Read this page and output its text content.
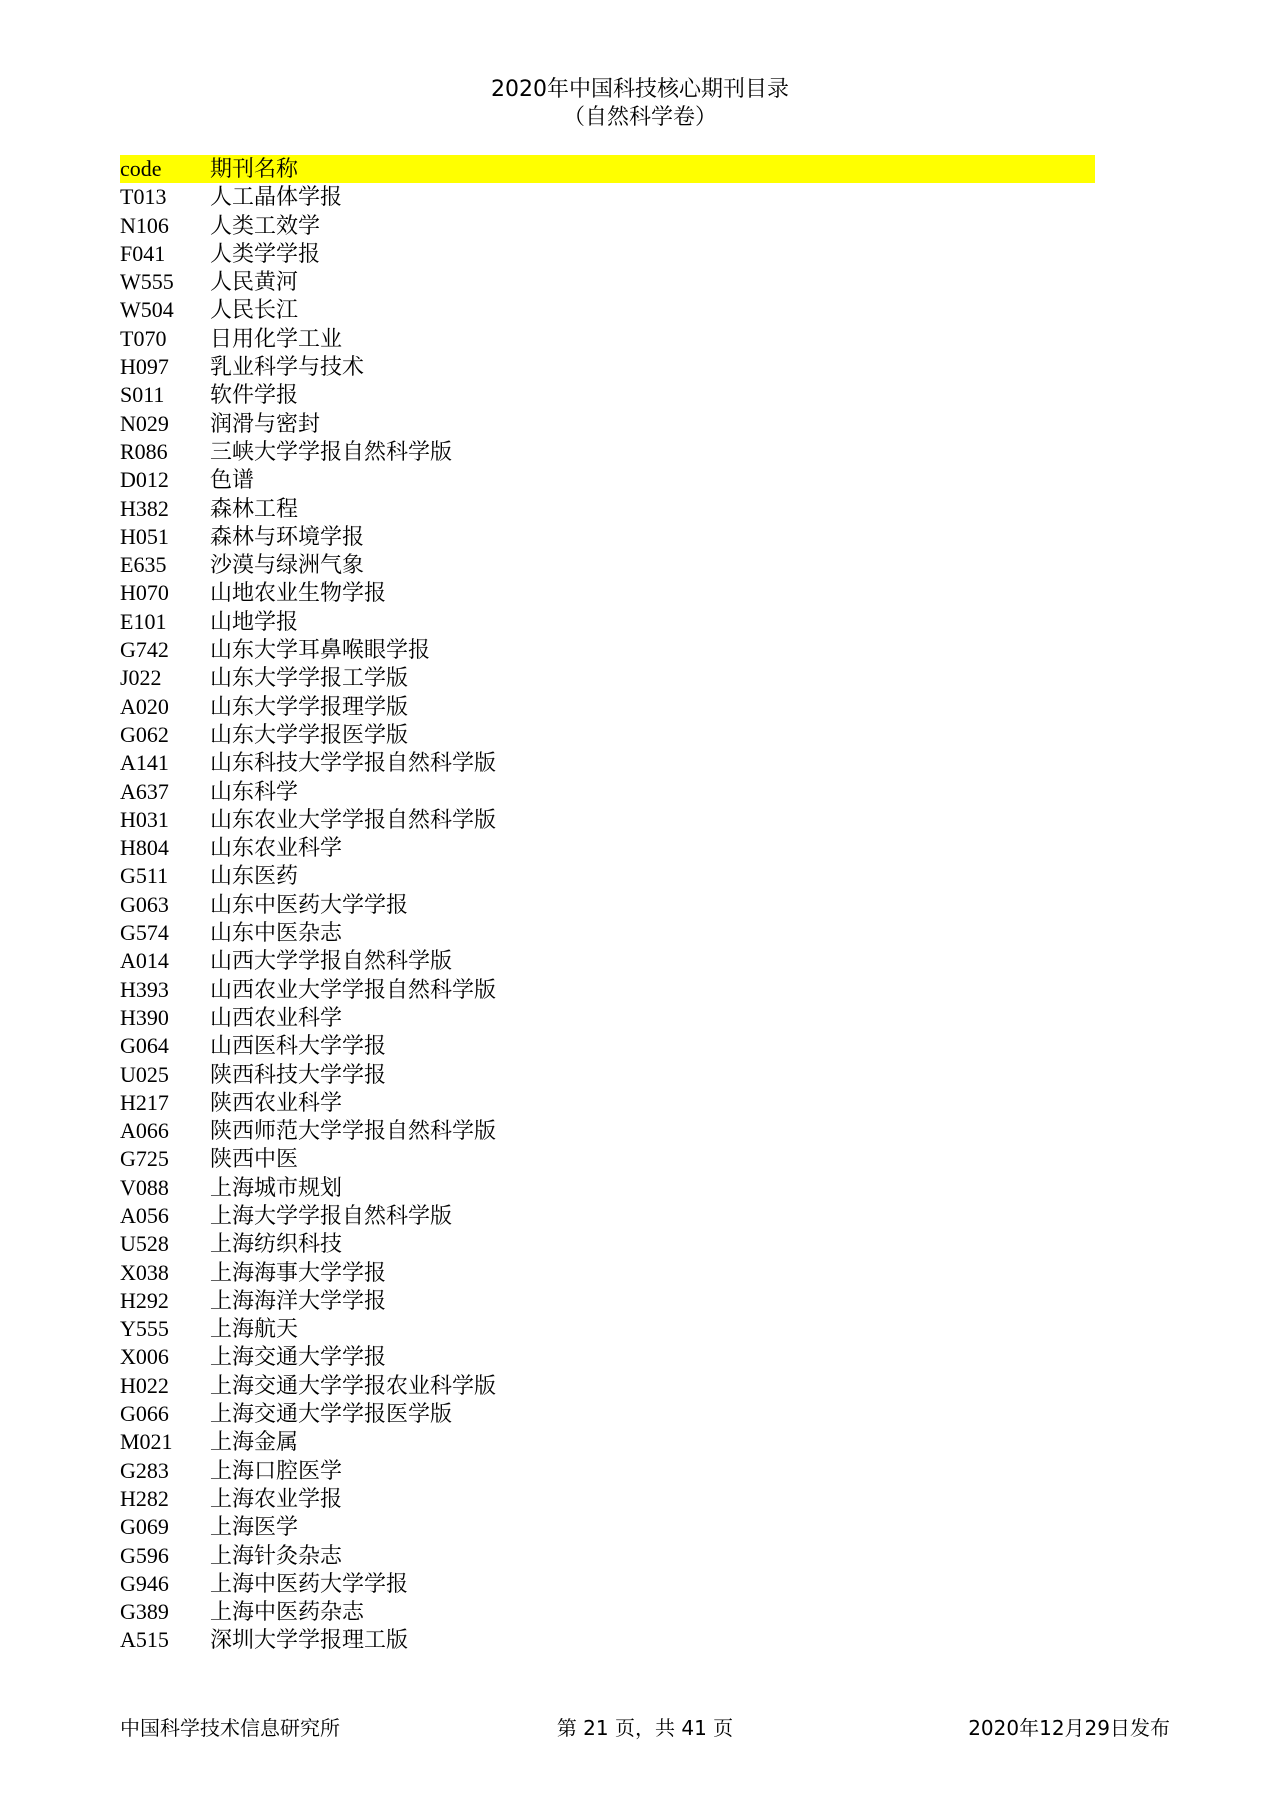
2020年中国科技核心期刊目录
（自然科学卷）
code	期刊名称
T013	人工晶体学报
N106	人类工效学
F041	人类学学报
W555	人民黄河
W504	人民长江
T070	日用化学工业
H097	乳业科学与技术
S011	软件学报
N029	润滑与密封
R086	三峡大学学报自然科学版
D012	色谱
H382	森林工程
H051	森林与环境学报
E635	沙漠与绿洲气象
H070	山地农业生物学报
E101	山地学报
G742	山东大学耳鼻喉眼学报
J022	山东大学学报工学版
A020	山东大学学报理学版
G062	山东大学学报医学版
A141	山东科技大学学报自然科学版
A637	山东科学
H031	山东农业大学学报自然科学版
H804	山东农业科学
G511	山东医药
G063	山东中医药大学学报
G574	山东中医杂志
A014	山西大学学报自然科学版
H393	山西农业大学学报自然科学版
H390	山西农业科学
G064	山西医科大学学报
U025	陕西科技大学学报
H217	陕西农业科学
A066	陕西师范大学学报自然科学版
G725	陕西中医
V088	上海城市规划
A056	上海大学学报自然科学版
U528	上海纺织科技
X038	上海海事大学学报
H292	上海海洋大学学报
Y555	上海航天
X006	上海交通大学学报
H022	上海交通大学学报农业科学版
G066	上海交通大学学报医学版
M021	上海金属
G283	上海口腔医学
H282	上海农业学报
G069	上海医学
G596	上海针灸杂志
G946	上海中医药大学学报
G389	上海中医药杂志
A515	深圳大学学报理工版
中国科学技术信息研究所	第 21 页，共 41 页	2020年12月29日发布
